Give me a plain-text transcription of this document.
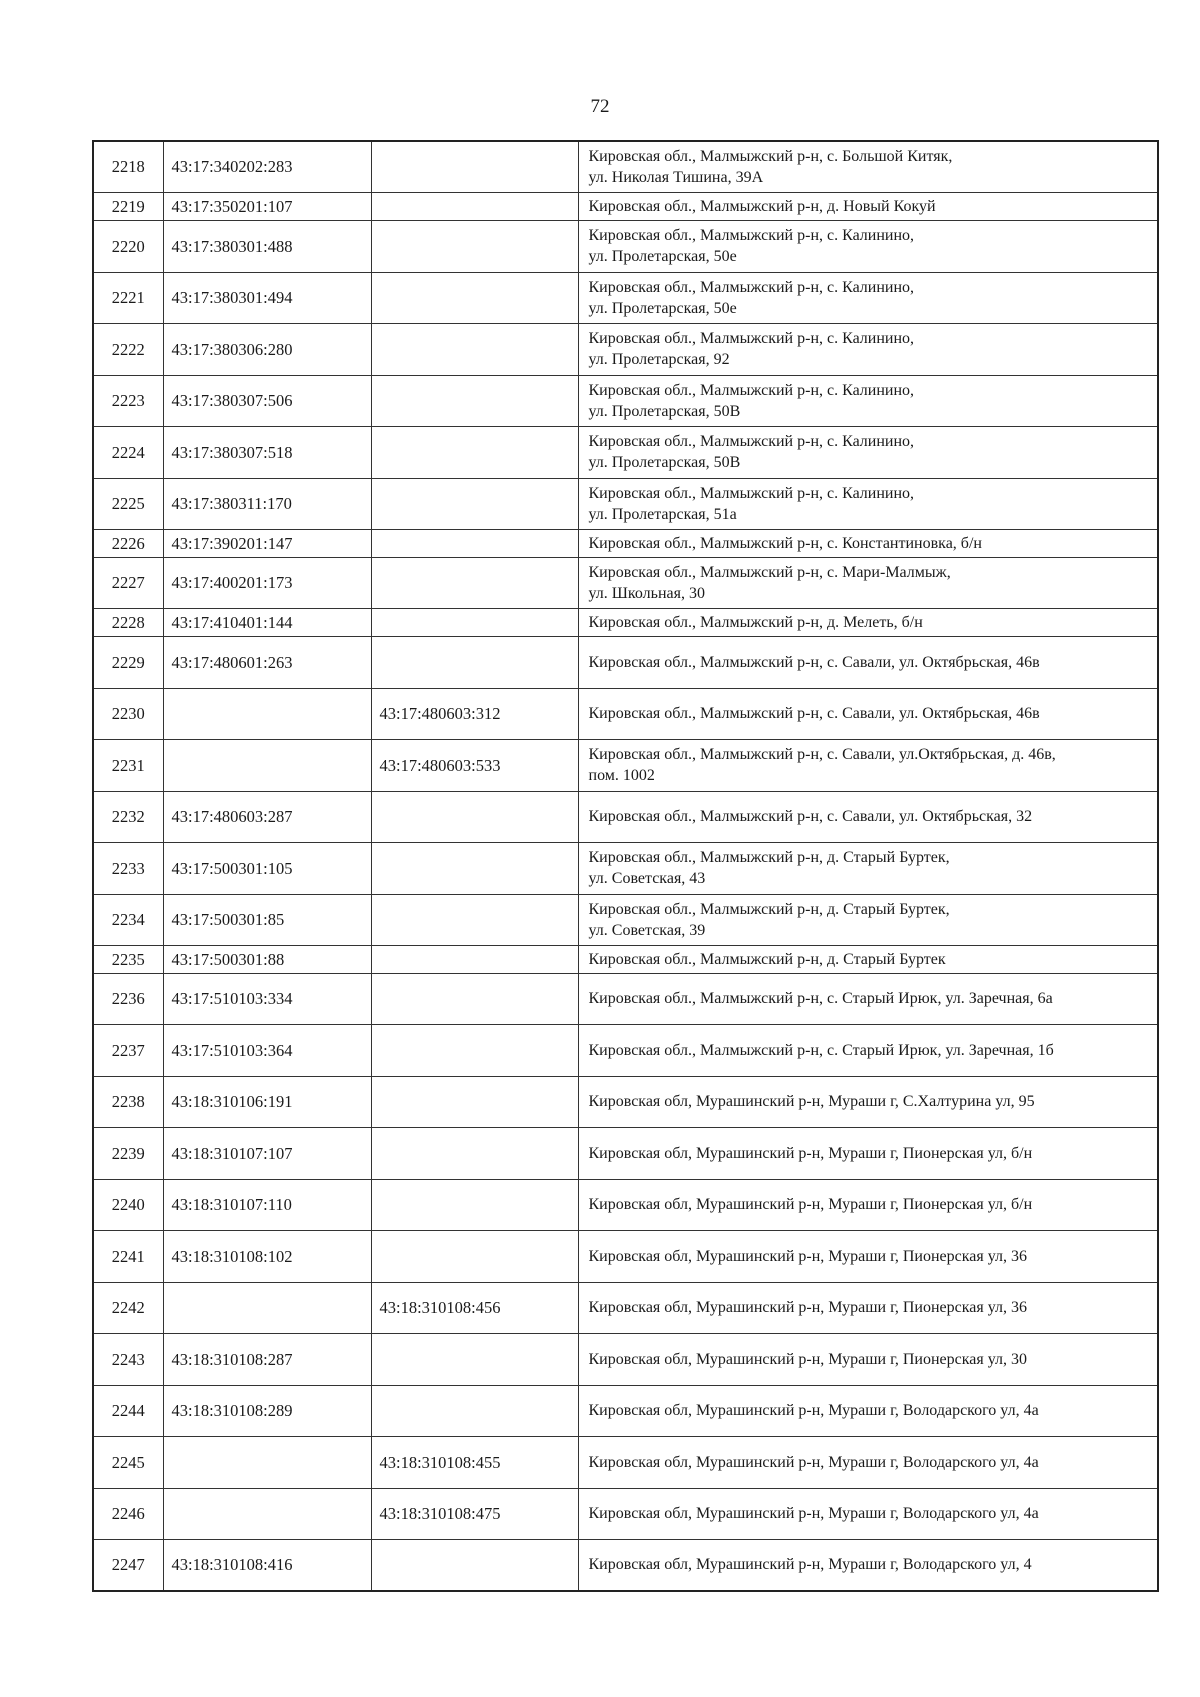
72
2218	43:17:340202:283		Кировская обл., Малмыжский р-н, с. Большой Китяк,
ул. Николая Тишина, 39А
2219	43:17:350201:107		Кировская обл., Малмыжский р-н, д. Новый Кокуй
2220	43:17:380301:488		Кировская обл., Малмыжский р-н, с. Калинино,
ул. Пролетарская, 50е
2221	43:17:380301:494		Кировская обл., Малмыжский р-н, с. Калинино,
ул. Пролетарская, 50е
2222	43:17:380306:280		Кировская обл., Малмыжский р-н, с. Калинино,
ул. Пролетарская, 92
2223	43:17:380307:506		Кировская обл., Малмыжский р-н, с. Калинино,
ул. Пролетарская, 50В
2224	43:17:380307:518		Кировская обл., Малмыжский р-н, с. Калинино,
ул. Пролетарская, 50В
2225	43:17:380311:170		Кировская обл., Малмыжский р-н, с. Калинино,
ул. Пролетарская, 51а
2226	43:17:390201:147		Кировская обл., Малмыжский р-н, с. Константиновка, б/н
2227	43:17:400201:173		Кировская обл., Малмыжский р-н, с. Мари-Малмыж,
ул. Школьная, 30
2228	43:17:410401:144		Кировская обл., Малмыжский р-н, д. Мелеть, б/н
2229	43:17:480601:263		Кировская обл., Малмыжский р-н, с. Савали, ул. Октябрьская, 46в
2230		43:17:480603:312	Кировская обл., Малмыжский р-н, с. Савали, ул. Октябрьская, 46в
2231		43:17:480603:533	Кировская обл., Малмыжский р-н, с. Савали, ул.Октябрьская, д. 46в,
пом. 1002
2232	43:17:480603:287		Кировская обл., Малмыжский р-н, с. Савали, ул. Октябрьская, 32
2233	43:17:500301:105		Кировская обл., Малмыжский р-н, д. Старый Буртек,
ул. Советская, 43
2234	43:17:500301:85		Кировская обл., Малмыжский р-н, д. Старый Буртек,
ул. Советская, 39
2235	43:17:500301:88		Кировская обл., Малмыжский р-н, д. Старый Буртек
2236	43:17:510103:334		Кировская обл., Малмыжский р-н, с. Старый Ирюк, ул. Заречная, 6а
2237	43:17:510103:364		Кировская обл., Малмыжский р-н, с. Старый Ирюк, ул. Заречная, 1б
2238	43:18:310106:191		Кировская обл, Мурашинский р-н, Мураши г, С.Халтурина ул, 95
2239	43:18:310107:107		Кировская обл, Мурашинский р-н, Мураши г, Пионерская ул, б/н
2240	43:18:310107:110		Кировская обл, Мурашинский р-н, Мураши г, Пионерская ул, б/н
2241	43:18:310108:102		Кировская обл, Мурашинский р-н, Мураши г, Пионерская ул, 36
2242		43:18:310108:456	Кировская обл, Мурашинский р-н, Мураши г, Пионерская ул, 36
2243	43:18:310108:287		Кировская обл, Мурашинский р-н, Мураши г, Пионерская ул, 30
2244	43:18:310108:289		Кировская обл, Мурашинский р-н, Мураши г, Володарского ул, 4а
2245		43:18:310108:455	Кировская обл, Мурашинский р-н, Мураши г, Володарского ул, 4а
2246		43:18:310108:475	Кировская обл, Мурашинский р-н, Мураши г, Володарского ул, 4а
2247	43:18:310108:416		Кировская обл, Мурашинский р-н, Мураши г, Володарского ул, 4
